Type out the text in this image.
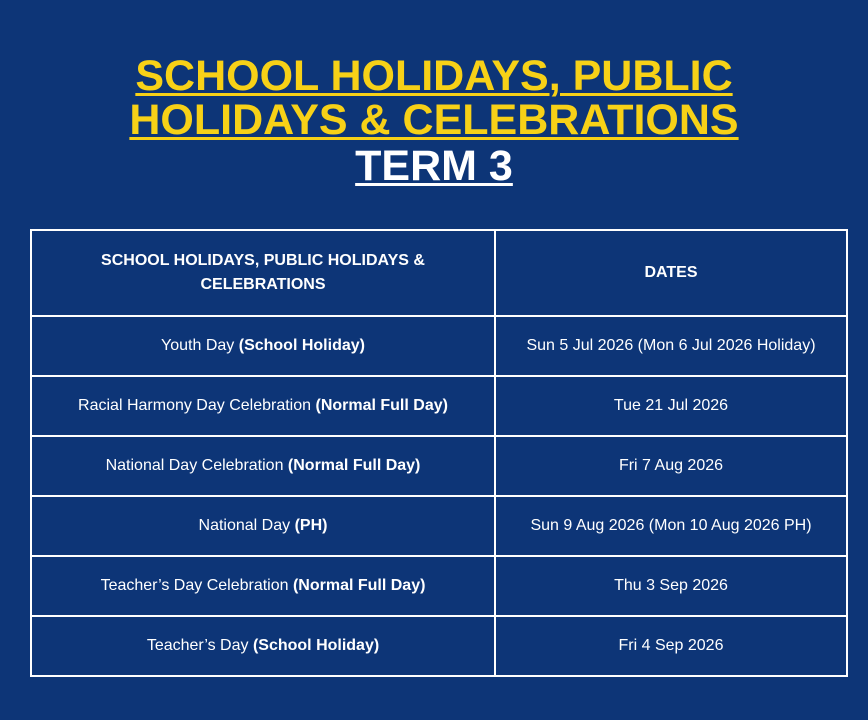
SCHOOL HOLIDAYS, PUBLIC
HOLIDAYS & CELEBRATIONS
TERM 3
SCHOOL HOLIDAYS, PUBLIC HOLIDAYS & CELEBRATIONS	DATES
Youth Day (School Holiday)	Sun 5 Jul 2026 (Mon 6 Jul 2026 Holiday)
Racial Harmony Day Celebration (Normal Full Day)	Tue 21 Jul 2026
National Day Celebration (Normal Full Day)	Fri 7 Aug 2026
National Day (PH)	Sun 9 Aug 2026 (Mon 10 Aug 2026 PH)
Teacher’s Day Celebration (Normal Full Day)	Thu 3 Sep 2026
Teacher’s Day (School Holiday)	Fri 4 Sep 2026
